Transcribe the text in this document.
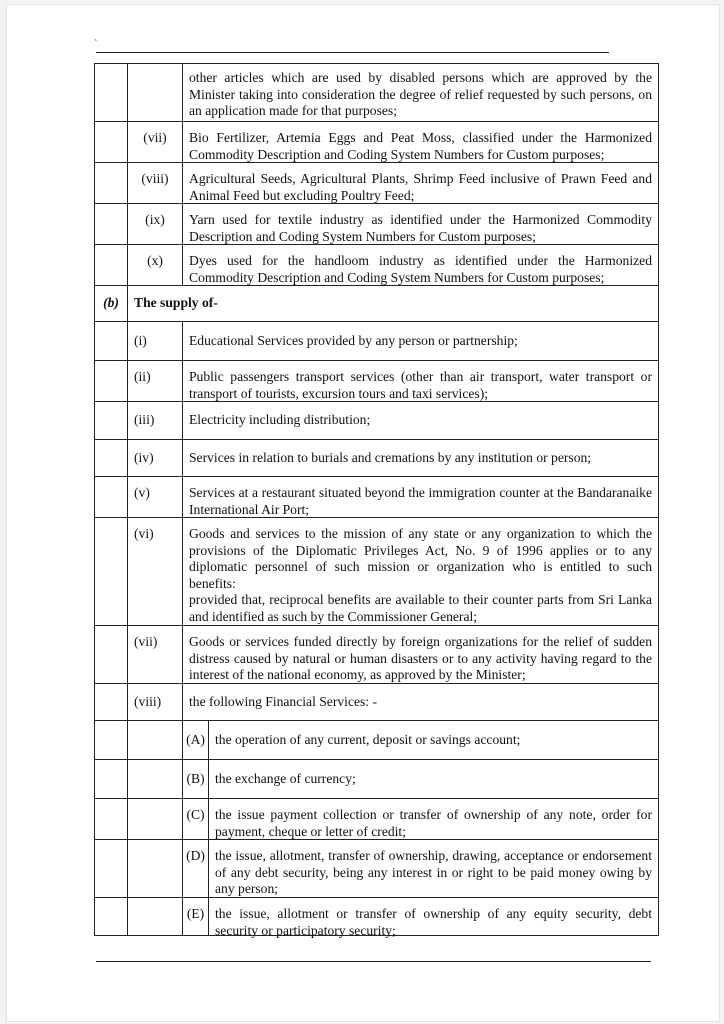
`
other articles which are used by disabled persons which are approved by the Minister taking into consideration the degree of relief requested by such persons, on an application made for that purposes;
(vii)	Bio Fertilizer, Artemia Eggs and Peat Moss, classified under the Harmonized Commodity Description and Coding System Numbers for Custom purposes;
(viii)	Agricultural Seeds, Agricultural Plants, Shrimp Feed inclusive of Prawn Feed and Animal Feed but excluding Poultry Feed;
(ix)	Yarn used for textile industry as identified under the Harmonized Commodity Description and Coding System Numbers for Custom purposes;
(x)	Dyes used for the handloom industry as identified under the Harmonized Commodity Description and Coding System Numbers for Custom purposes;
(b)	The supply of-
(i)	Educational Services provided by any person or partnership;
(ii)	Public passengers transport services (other than air transport, water transport or transport of tourists, excursion tours and taxi services);
(iii)	Electricity including distribution;
(iv)	Services in relation to burials and cremations by any institution or person;
(v)	Services at a restaurant situated beyond the immigration counter at the Bandaranaike International Air Port;
(vi)	Goods and services to the mission of any state or any organization to which the provisions of the Diplomatic Privileges Act, No. 9 of 1996 applies or to any diplomatic personnel of such mission or organization who is entitled to such benefits:
provided that, reciprocal benefits are available to their counter parts from Sri Lanka and identified as such by the Commissioner General;
(vii)	Goods or services funded directly by foreign organizations for the relief of sudden distress caused by natural or human disasters or to any activity having regard to the interest of the national economy, as approved by the Minister;
(viii)	the following Financial Services: -
(A) the operation of any current, deposit or savings account;
(B) the exchange of currency;
(C) the issue payment collection or transfer of ownership of any note, order for payment, cheque or letter of credit;
(D) the issue, allotment, transfer of ownership, drawing, acceptance or endorsement of any debt security, being any interest in or right to be paid money owing by any person;
(E) the issue, allotment or transfer of ownership of any equity security, debt security or participatory security;
